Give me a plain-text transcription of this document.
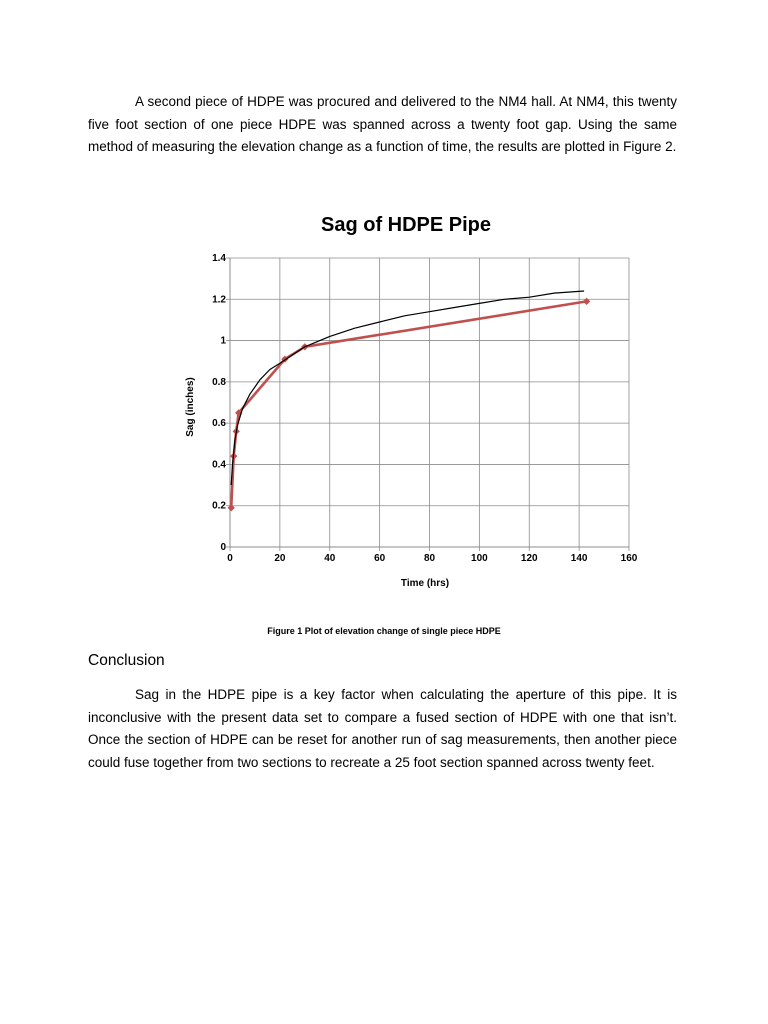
A second piece of HDPE was procured and delivered to the NM4 hall. At NM4, this twenty five foot section of one piece HDPE was spanned across a twenty foot gap. Using the same method of measuring the elevation change as a function of time, the results are plotted in Figure 2.

Sag of HDPE Pipe
0	20	40	60	80	100	120	140	160
0
0.2
0.4
0.6
0.8
1
1.2
1.4
Time (hrs)
Sag (inches)

Figure 1 Plot of elevation change of single piece HDPE

Conclusion

Sag in the HDPE pipe is a key factor when calculating the aperture of this pipe. It is inconclusive with the present data set to compare a fused section of HDPE with one that isn’t. Once the section of HDPE can be reset for another run of sag measurements, then another piece could fuse together from two sections to recreate a 25 foot section spanned across twenty feet.
